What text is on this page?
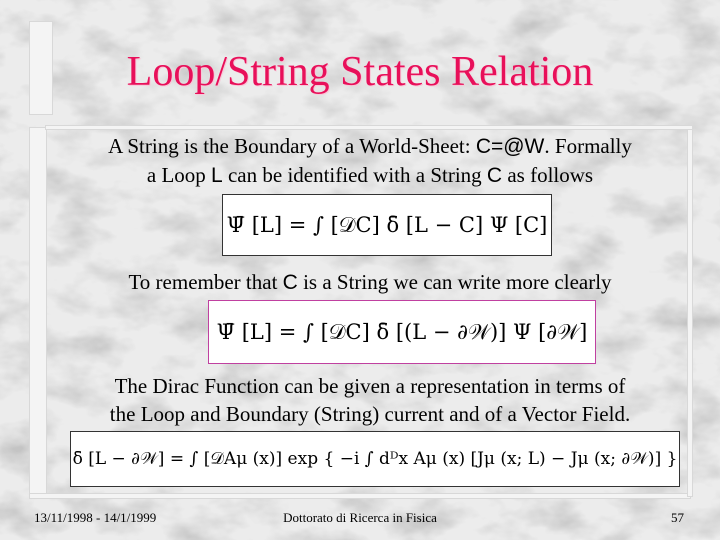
Loop/String States Relation
A String is the Boundary of a World-Sheet: C=@W. Formally
a Loop L can be identified with a String C as follows
Ψ̄ [L] = ∫ [𝒟C] δ̄ [L − C] Ψ [C]
To remember that C is a String we can write more clearly
Ψ̄ [L] = ∫ [𝒟C] δ̄ [(L − ∂𝒲)] Ψ [∂𝒲]
The Dirac Function can be given a representation in terms of
the Loop and Boundary (String) current and of a Vector Field.
δ̄ [L − ∂𝒲] = ∫ [𝒟Aμ (x)] exp { −i ∫ dᴰx Aμ (x) [Jμ (x; L) − Jμ (x; ∂𝒲)] }
13/11/1998 - 14/1/1999	Dottorato di Ricerca in Fisica	57
